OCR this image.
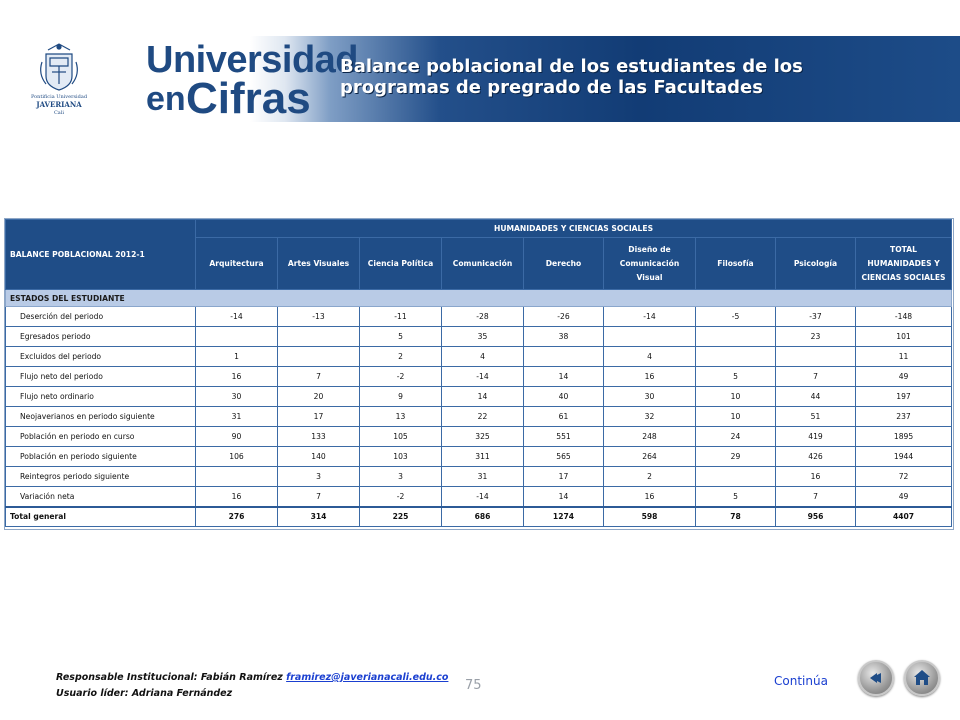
Pontificia Universidad
JAVERIANA
Cali
Universidad
en Cifras
Balance poblacional de los estudiantes de los
programas de pregrado de las Facultades
BALANCE POBLACIONAL 2012-1	HUMANIDADES Y CIENCIAS SOCIALES								
	Arquitectura	Artes Visuales	Ciencia Política	Comunicación	Derecho	Diseño de Comunicación Visual	Filosofía	Psicología	TOTAL HUMANIDADES Y CIENCIAS SOCIALES
ESTADOS DEL ESTUDIANTE									
Deserción del periodo	-14	-13	-11	-28	-26	-14	-5	-37	-148
Egresados periodo			5	35	38			23	101
Excluidos del periodo	1		2	4		4			11
Flujo neto del periodo	16	7	-2	-14	14	16	5	7	49
Flujo neto ordinario	30	20	9	14	40	30	10	44	197
Neojaverianos en periodo siguiente	31	17	13	22	61	32	10	51	237
Población en periodo en curso	90	133	105	325	551	248	24	419	1895
Población en periodo siguiente	106	140	103	311	565	264	29	426	1944
Reintegros periodo siguiente		3	3	31	17	2		16	72
Variación neta	16	7	-2	-14	14	16	5	7	49
Total general	276	314	225	686	1274	598	78	956	4407
Responsable Institucional: Fabián Ramírez framirez@javerianacali.edu.co
Usuario líder: Adriana Fernández
75	Continúa
